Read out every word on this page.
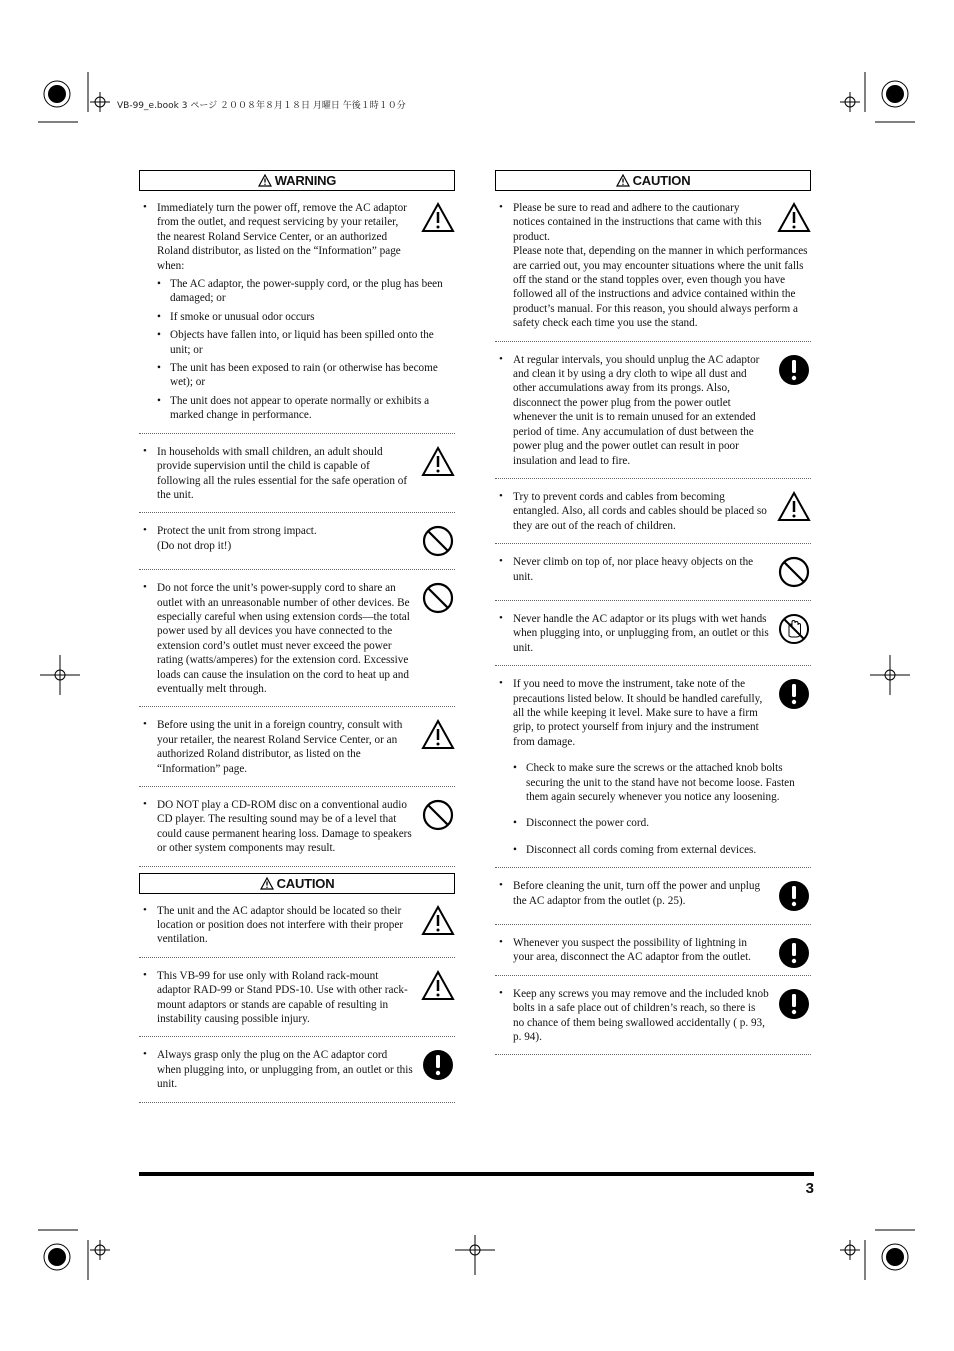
VB-99_e.book 3 ページ ２００８年８月１８日 月曜日 午後１時１０分
WARNING
• Immediately turn the power off, remove the AC adaptor from the outlet, and request servicing by your retailer, the nearest Roland Service Center, or an authorized Roland distributor, as listed on the “Information” page when:

• The AC adaptor, the power-supply cord, or the plug has been damaged; or
• If smoke or unusual odor occurs
• Objects have fallen into, or liquid has been spilled onto the unit; or
• The unit has been exposed to rain (or otherwise has become wet); or
• The unit does not appear to operate normally or exhibits a marked change in performance.
• In households with small children, an adult should provide supervision until the child is capable of following all the rules essential for the safe operation of the unit.

• Protect the unit from strong impact.

(Do not drop it!)

• Do not force the unit’s power-supply cord to share an outlet with an unreasonable number of other devices. Be especially careful when using extension cords—the total power used by all devices you have connected to the extension cord’s outlet must never exceed the power rating (watts/amperes) for the extension cord. Excessive loads can cause the insulation on the cord to heat up and eventually melt through.

• Before using the unit in a foreign country, consult with your retailer, the nearest Roland Service Center, or an authorized Roland distributor, as listed on the “Information” page.

• DO NOT play a CD-ROM disc on a conventional audio CD player. The resulting sound may be of a level that could cause permanent hearing loss. Damage to speakers or other system components may result.

CAUTION
• The unit and the AC adaptor should be located so their location or position does not interfere with their proper ventilation.

• This VB-99 for use only with Roland rack-mount adaptor RAD-99 or Stand PDS-10. Use with other rack-mount adaptors or stands are capable of resulting in instability causing possible injury.

• Always grasp only the plug on the AC adaptor cord when plugging into, or unplugging from, an outlet or this unit.

CAUTION
• Please be sure to read and adhere to the cautionary notices contained in the instructions that came with this product.

Please note that, depending on the manner in which performances are carried out, you may encounter situations where the unit falls off the stand or the stand topples over, even though you have followed all of the instructions and advice contained within the product’s manual. For this reason, you should always perform a safety check each time you use the stand.

• At regular intervals, you should unplug the AC adaptor and clean it by using a dry cloth to wipe all dust and other accumulations away from its prongs. Also, disconnect the power plug from the power outlet whenever the unit is to remain unused for an extended period of time. Any accumulation of dust between the power plug and the power outlet can result in poor insulation and lead to fire.

• Try to prevent cords and cables from becoming entangled. Also, all cords and cables should be placed so they are out of the reach of children.

• Never climb on top of, nor place heavy objects on the unit.

• Never handle the AC adaptor or its plugs with wet hands when plugging into, or unplugging from, an outlet or this unit.

• If you need to move the instrument, take note of the precautions listed below. It should be handled carefully, all the while keeping it level. Make sure to have a firm grip, to protect yourself from injury and the instrument from damage.

• Check to make sure the screws or the attached knob bolts securing the unit to the stand have not become loose. Fasten them again securely whenever you notice any loosening.
• Disconnect the power cord.
• Disconnect all cords coming from external devices.
• Before cleaning the unit, turn off the power and unplug the AC adaptor from the outlet (p. 25).

• Whenever you suspect the possibility of lightning in your area, disconnect the AC adaptor from the outlet.

• Keep any screws you may remove and the included knob bolts in a safe place out of children’s reach, so there is no chance of them being swallowed accidentally ( p. 93, p. 94).

3
